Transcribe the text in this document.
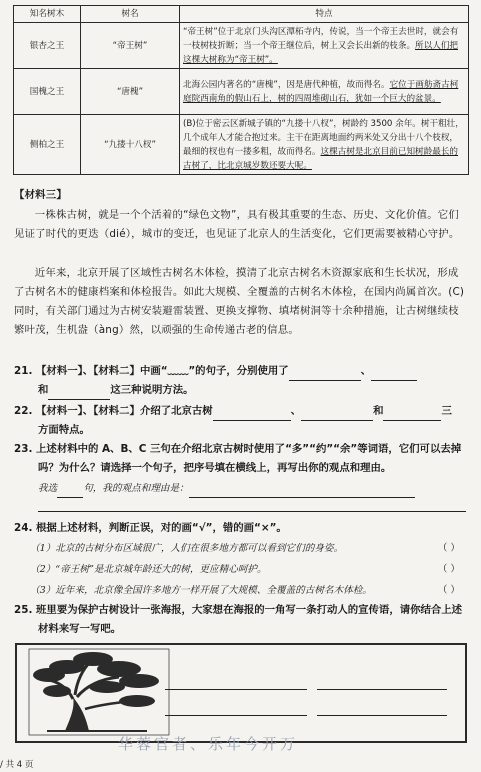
知名树木	树名	特点
银杏之王	“帝王树”	“帝王树”位于北京门头沟区潭柘寺内，传说，当一个帝王去世时，就会有一枝树枝折断；当一个帝王继位后，树上又会长出新的枝条。所以人们把这棵大树称为“帝王树”。
国槐之王	“唐槐”	北海公园内著名的“唐槐”，因是唐代种植，故而得名。它位于画舫斋古柯庭院西南角的假山石上，树的四周堆砌山石，犹如一个巨大的盆景。
侧柏之王	“九搂十八杈”	(B)位于密云区新城子镇的“九搂十八杈”，树龄约 3500 余年。树干粗壮，几个成年人才能合抱过来。主干在距离地面约两米处又分出十八个枝杈，最细的杈也有一搂多粗，故而得名。这棵古树是北京目前已知树龄最长的古树了，比北京城岁数还要大呢。
【材料三】
一株株古树，就是一个个活着的“绿色文物”，具有极其重要的生态、历史、文化价值。它们见证了时代的更迭（dié），城市的变迁，也见证了北京人的生活变化，它们更需要被精心守护。
近年来，北京开展了区域性古树名木体检，摸清了北京古树名木资源家底和生长状况，形成了古树名木的健康档案和体检报告。如此大规模、全覆盖的古树名木体检，在国内尚属首次。(C) 同时，有关部门通过为古树安装避雷装置、更换支撑物、填堵树洞等十余种措施，让古树继续枝繁叶茂，生机盎（àng）然，以顽强的生命传递古老的信息。
21. 【材料一】、【材料二】中画“﹏﹏”的句子，分别使用了	、
和	这三种说明方法。
22. 【材料一】、【材料二】介绍了北京古树	、	和	三
方面特点。
23. 上述材料中的 A、B、C 三句在介绍北京古树时使用了“多”“约”“余”等词语，它们可以去掉吗？为什么？请选择一个句子，把序号填在横线上，再写出你的观点和理由。
我选	句，我的观点和理由是：
24. 根据上述材料，判断正误，对的画“√”，错的画“×”。
（1）北京的古树分布区域很广，人们在很多地方都可以看到它们的身姿。	（ ）
（2）“帝王树”是北京城年龄还大的树，更应精心呵护。	（ ）
（3）近年来，北京像全国许多地方一样开展了大规模、全覆盖的古树名木体检。	（ ）
25. 班里要为保护古树设计一张海报，大家想在海报的一角写一条打动人的宣传语，请你结合上述材料来写一写吧。
华蓉官者、乐年今开万
/ 共 4 页
